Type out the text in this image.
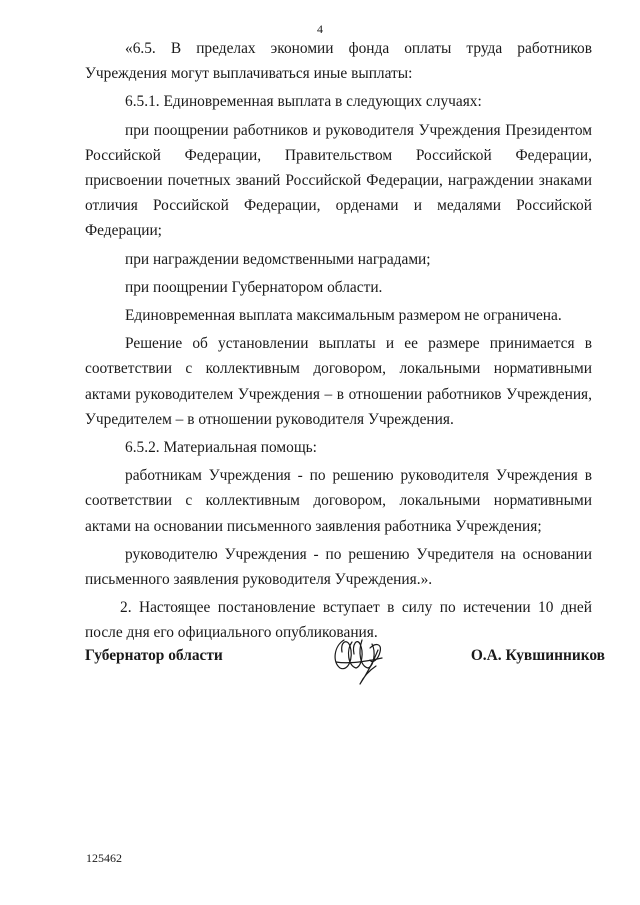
4

«6.5. В пределах экономии фонда оплаты труда работников Учреждения могут выплачиваться иные выплаты:

6.5.1. Единовременная выплата в следующих случаях:

при поощрении работников и руководителя Учреждения Президентом Российской Федерации, Правительством Российской Федерации, присвоении почетных званий Российской Федерации, награждении знаками отличия Российской Федерации, орденами и медалями Российской Федерации;

при награждении ведомственными наградами;

при поощрении Губернатором области.

Единовременная выплата максимальным размером не ограничена.

Решение об установлении выплаты и ее размере принимается в соответствии с коллективным договором, локальными нормативными актами руководителем Учреждения – в отношении работников Учреждения, Учредителем – в отношении руководителя Учреждения.

6.5.2. Материальная помощь:

работникам Учреждения - по решению руководителя Учреждения в соответствии с коллективным договором, локальными нормативными актами на основании письменного заявления работника Учреждения;

руководителю Учреждения - по решению Учредителя на основании письменного заявления руководителя Учреждения.».

2. Настоящее постановление вступает в силу по истечении 10 дней после дня его официального опубликования.

Губернатор области	О.А. Кувшинников
125462
